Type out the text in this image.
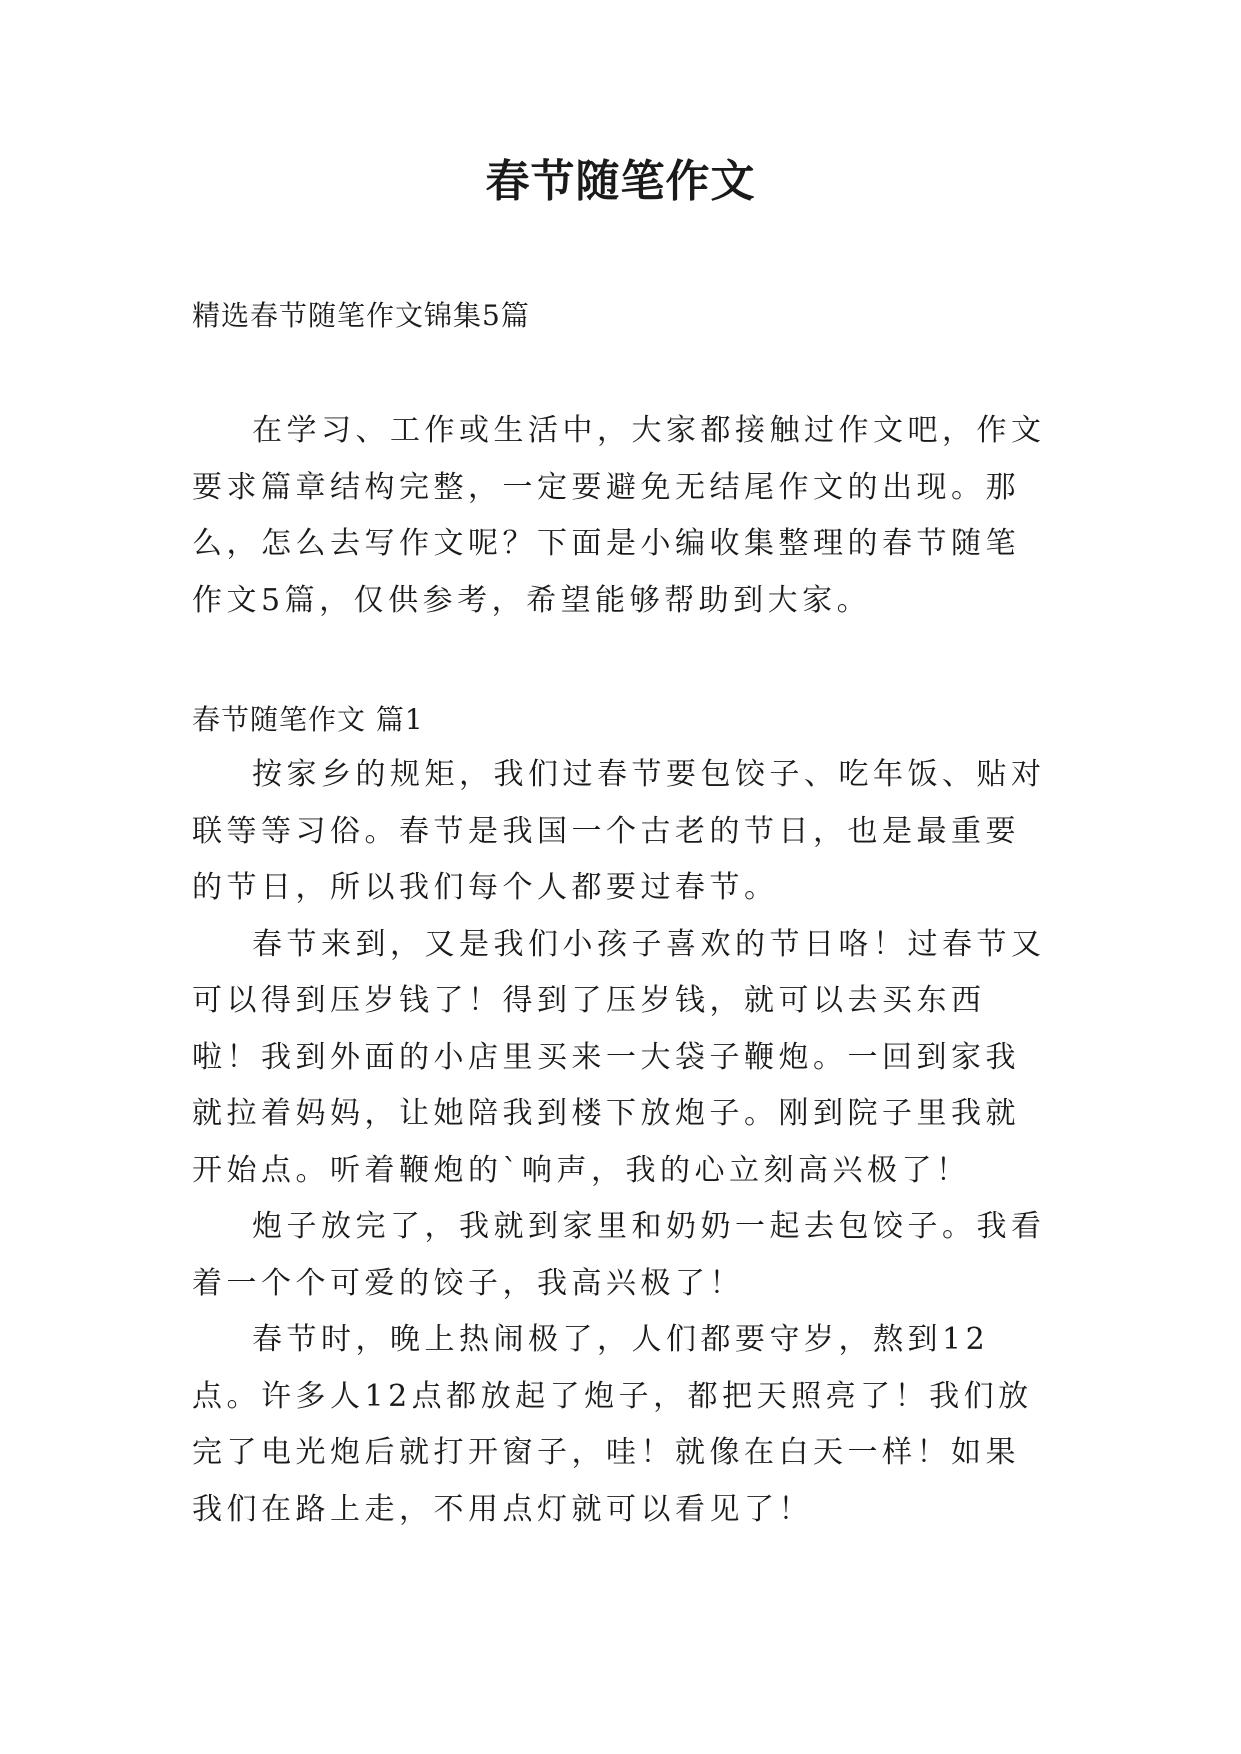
春节随笔作文
精选春节随笔作文锦集5篇

在学习、工作或生活中，大家都接触过作文吧，作文要求篇章结构完整，一定要避免无结尾作文的出现。那么，怎么去写作文呢？下面是小编收集整理的春节随笔作文5篇，仅供参考，希望能够帮助到大家。

春节随笔作文 篇1

按家乡的规矩，我们过春节要包饺子、吃年饭、贴对联等等习俗。春节是我国一个古老的节日，也是最重要的节日，所以我们每个人都要过春节。

春节来到，又是我们小孩子喜欢的节日咯！过春节又可以得到压岁钱了！得到了压岁钱，就可以去买东西啦！我到外面的小店里买来一大袋子鞭炮。一回到家我就拉着妈妈，让她陪我到楼下放炮子。刚到院子里我就开始点。听着鞭炮的`响声，我的心立刻高兴极了！

炮子放完了，我就到家里和奶奶一起去包饺子。我看着一个个可爱的饺子，我高兴极了！

春节时，晚上热闹极了，人们都要守岁，熬到12点。许多人12点都放起了炮子，都把天照亮了！我们放完了电光炮后就打开窗子，哇！就像在白天一样！如果我们在路上走，不用点灯就可以看见了！
